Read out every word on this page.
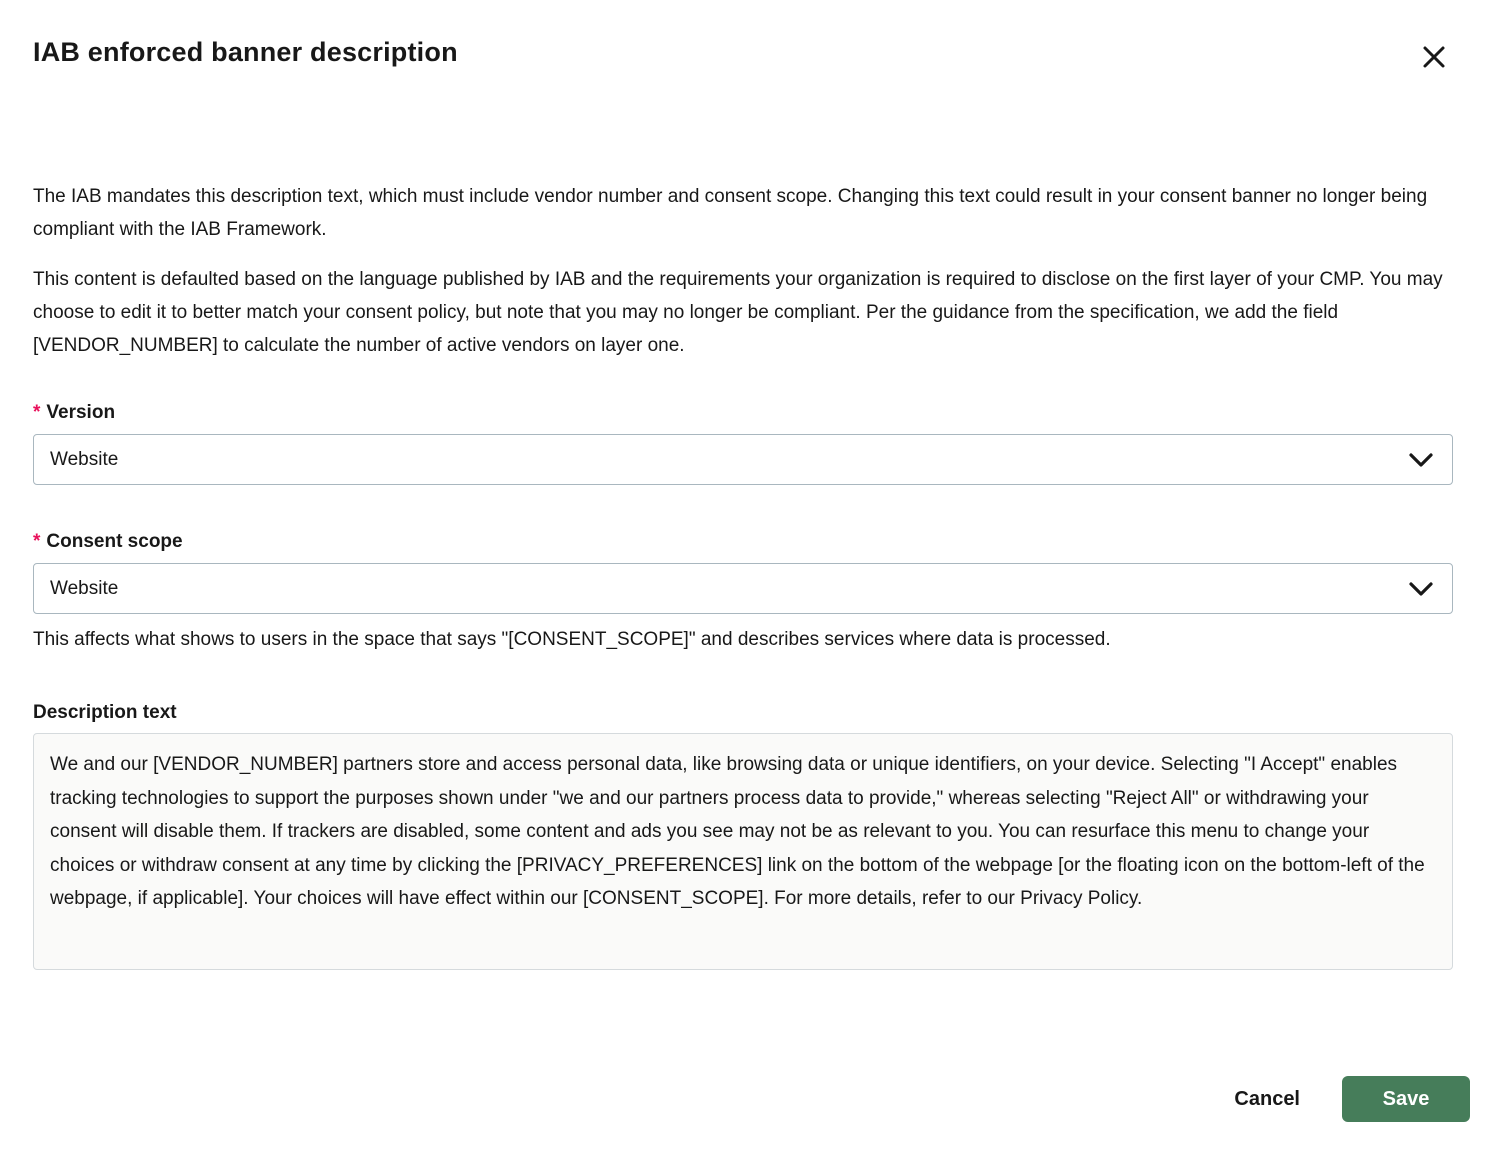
IAB enforced banner description

The IAB mandates this description text, which must include vendor number and consent scope. Changing this text could result in your consent banner no longer being compliant with the IAB Framework.

This content is defaulted based on the language published by IAB and the requirements your organization is required to disclose on the first layer of your CMP. You may choose to edit it to better match your consent policy, but note that you may no longer be compliant. Per the guidance from the specification, we add the field [VENDOR_NUMBER] to calculate the number of active vendors on layer one.

* Version
Website
* Consent scope
Website
This affects what shows to users in the space that says "[CONSENT_SCOPE]" and describes services where data is processed.
Description text
We and our [VENDOR_NUMBER] partners store and access personal data, like browsing data or unique identifiers, on your device. Selecting "I Accept" enables tracking technologies to support the purposes shown under "we and our partners process data to provide," whereas selecting "Reject All" or withdrawing your consent will disable them. If trackers are disabled, some content and ads you see may not be as relevant to you. You can resurface this menu to change your choices or withdraw consent at any time by clicking the [PRIVACY_PREFERENCES] link on the bottom of the webpage [or the floating icon on the bottom-left of the webpage, if applicable]. Your choices will have effect within our [CONSENT_SCOPE]. For more details, refer to our Privacy Policy.
Cancel	Save
